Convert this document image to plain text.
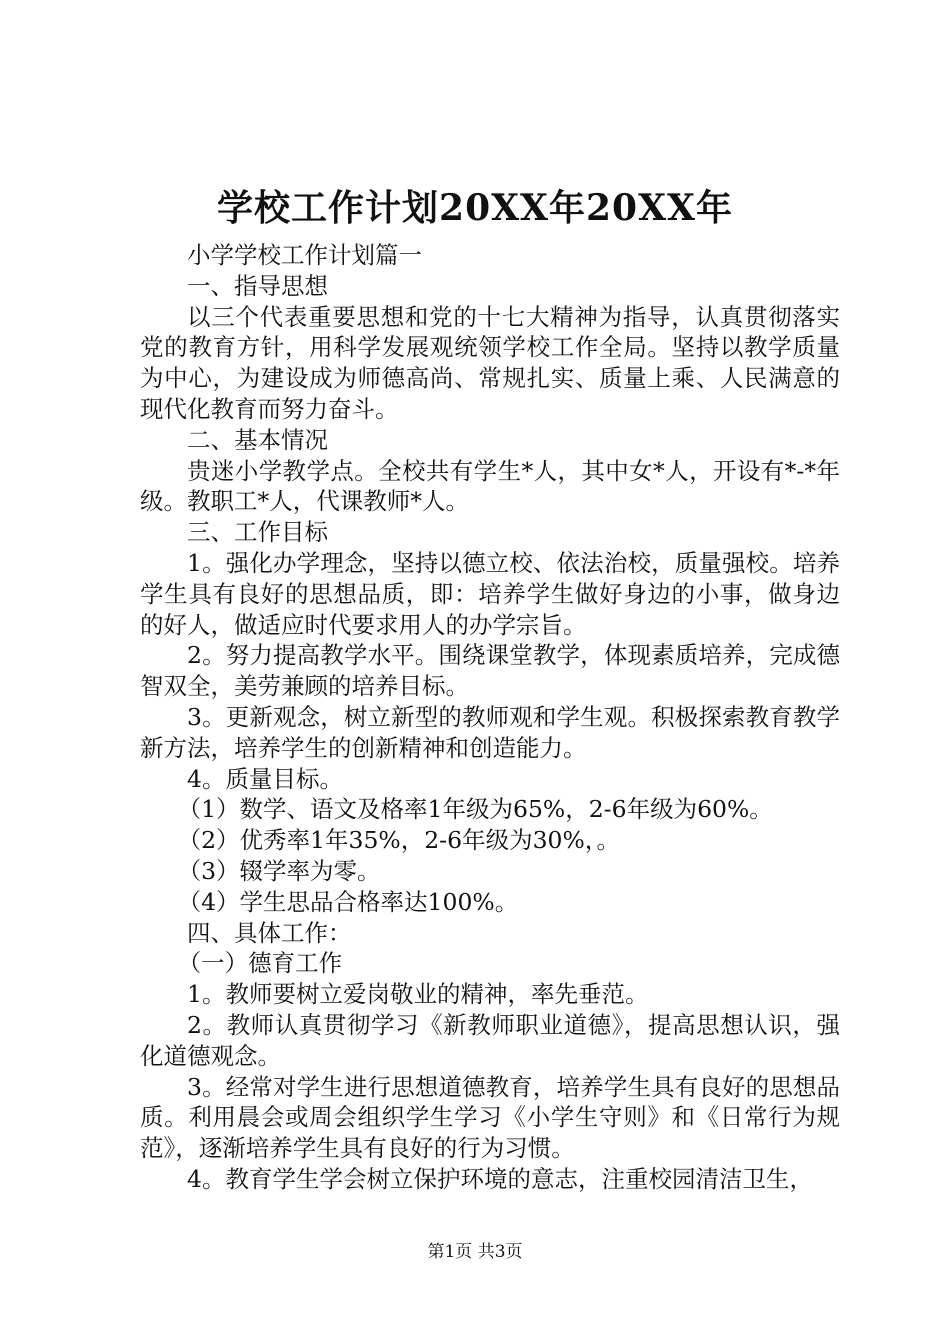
学校工作计划20XX年20XX年

小学学校工作计划篇一

一、指导思想

以三个代表重要思想和党的十七大精神为指导，认真贯彻落实党的教育方针，用科学发展观统领学校工作全局。坚持以教学质量为中心，为建设成为师德高尚、常规扎实、质量上乘、人民满意的现代化教育而努力奋斗。

二、基本情况

贵迷小学教学点。全校共有学生*人，其中女*人，开设有*-*年级。教职工*人，代课教师*人。

三、工作目标

1。强化办学理念，坚持以德立校、依法治校，质量强校。培养学生具有良好的思想品质，即：培养学生做好身边的小事，做身边的好人，做适应时代要求用人的办学宗旨。

2。努力提高教学水平。围绕课堂教学，体现素质培养，完成德智双全，美劳兼顾的培养目标。

3。更新观念，树立新型的教师观和学生观。积极探索教育教学新方法，培养学生的创新精神和创造能力。

4。质量目标。

（1）数学、语文及格率1年级为65%，2-6年级为60%。

（2）优秀率1年35%，2-6年级为30%，。

（3）辍学率为零。

（4）学生思品合格率达100%。

四、具体工作：

（一）德育工作

1。教师要树立爱岗敬业的精神，率先垂范。

2。教师认真贯彻学习《新教师职业道德》，提高思想认识，强化道德观念。

3。经常对学生进行思想道德教育，培养学生具有良好的思想品质。利用晨会或周会组织学生学习《小学生守则》和《日常行为规范》，逐渐培养学生具有良好的行为习惯。

4。教育学生学会树立保护环境的意志，注重校园清洁卫生，

第1页 共3页
